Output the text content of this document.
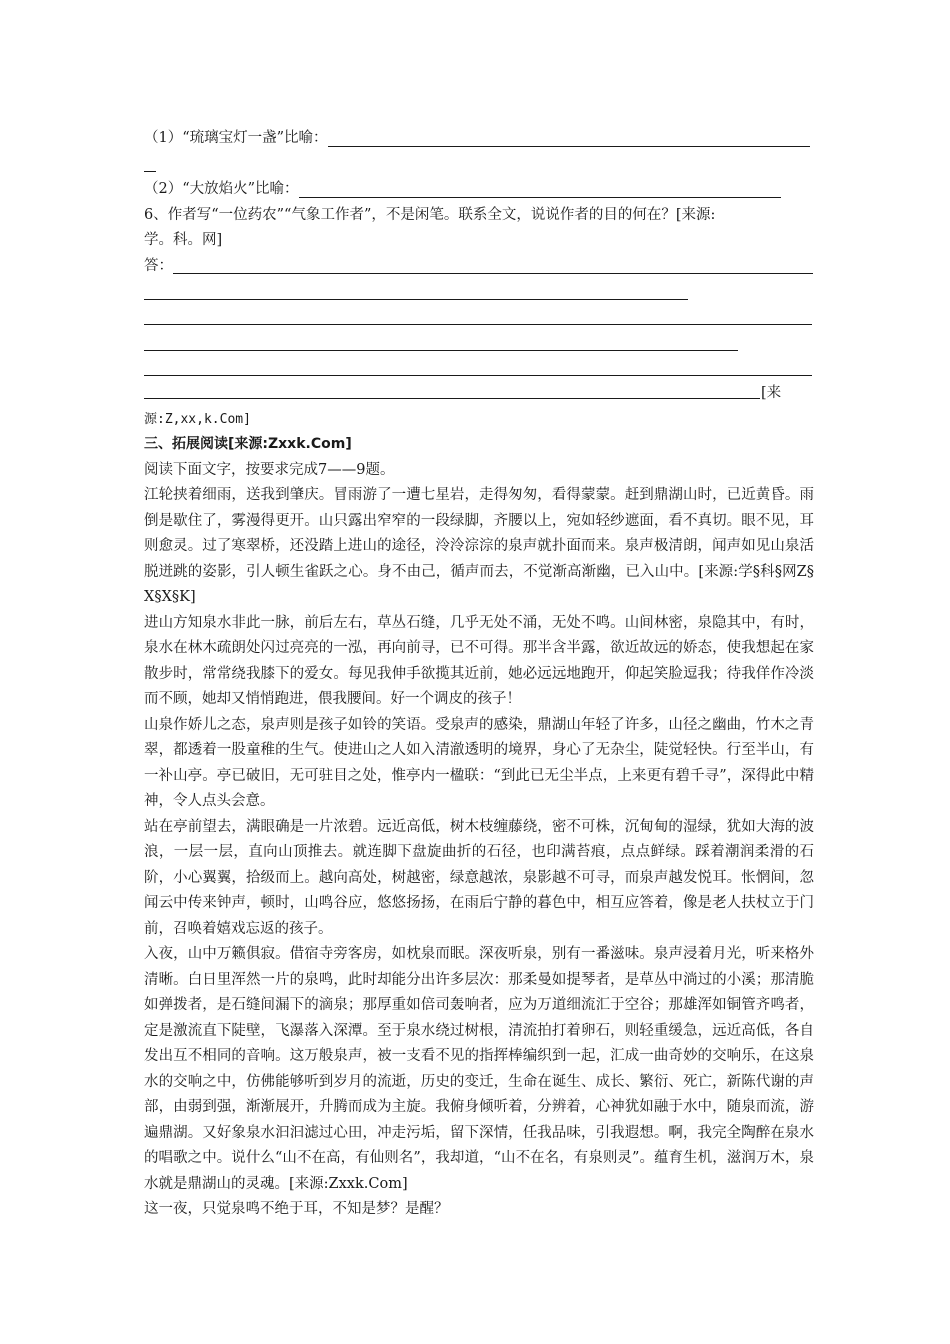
（1）“琉璃宝灯一盏”比喻：
（2）“大放焰火”比喻：
6、作者写“一位药农”“气象工作者”，不是闲笔。联系全文，说说作者的目的何在？[来源:
学。科。网]
答：
[来
源:Z,xx,k.Com]
三、拓展阅读[来源:Zxxk.Com]
阅读下面文字，按要求完成7——9题。
江轮挟着细雨，送我到肇庆。冒雨游了一遭七星岩，走得匆匆，看得蒙蒙。赶到鼎湖山时，已近黄昏。雨倒是歇住了，雾漫得更开。山只露出窄窄的一段绿脚，齐腰以上，宛如轻纱遮面，看不真切。眼不见，耳则愈灵。过了寒翠桥，还没踏上进山的途径，泠泠淙淙的泉声就扑面而来。泉声极清朗，闻声如见山泉活脱迸跳的姿影，引人顿生雀跃之心。身不由己，循声而去，不觉渐高渐幽，已入山中。[来源:学§科§网Z§X§X§K]
进山方知泉水非此一脉，前后左右，草丛石缝，几乎无处不涌，无处不鸣。山间林密，泉隐其中，有时，泉水在林木疏朗处闪过亮亮的一泓，再向前寻，已不可得。那半含半露，欲近故远的娇态，使我想起在家散步时，常常绕我膝下的爱女。每见我伸手欲揽其近前，她必远远地跑开，仰起笑脸逗我；待我佯作冷淡而不顾，她却又悄悄跑进，偎我腰间。好一个调皮的孩子！
山泉作娇儿之态，泉声则是孩子如铃的笑语。受泉声的感染，鼎湖山年轻了许多，山径之幽曲，竹木之青翠，都透着一股童稚的生气。使进山之人如入清澈透明的境界，身心了无杂尘，陡觉轻快。行至半山，有一补山亭。亭已破旧，无可驻目之处，惟亭内一楹联：“到此已无尘半点，上来更有碧千寻”，深得此中精神，令人点头会意。
站在亭前望去，满眼确是一片浓碧。远近高低，树木枝缠藤绕，密不可株，沉甸甸的湿绿，犹如大海的波浪，一层一层，直向山顶推去。就连脚下盘旋曲折的石径，也印满苔痕，点点鲜绿。踩着潮润柔滑的石阶，小心翼翼，拾级而上。越向高处，树越密，绿意越浓，泉影越不可寻，而泉声越发悦耳。怅惘间，忽闻云中传来钟声，顿时，山鸣谷应，悠悠扬扬，在雨后宁静的暮色中，相互应答着，像是老人扶杖立于门前，召唤着嬉戏忘返的孩子。
入夜，山中万籁俱寂。借宿寺旁客房，如枕泉而眠。深夜听泉，别有一番滋味。泉声浸着月光，听来格外清晰。白日里浑然一片的泉鸣，此时却能分出许多层次：那柔曼如提琴者，是草丛中淌过的小溪；那清脆如弹拨者，是石缝间漏下的滴泉；那厚重如倍司轰响者，应为万道细流汇于空谷；那雄浑如铜管齐鸣者，定是激流直下陡壁，飞瀑落入深潭。至于泉水绕过树根，清流拍打着卵石，则轻重缓急，远近高低，各自发出互不相同的音响。这万般泉声，被一支看不见的指挥棒编织到一起，汇成一曲奇妙的交响乐，在这泉水的交响之中，仿佛能够听到岁月的流逝，历史的变迁，生命在诞生、成长、繁衍、死亡，新陈代谢的声部，由弱到强，渐渐展开，升腾而成为主旋。我俯身倾听着，分辨着，心神犹如融于水中，随泉而流，游遍鼎湖。又好象泉水汩汩滤过心田，冲走污垢，留下深情，任我品味，引我遐想。啊，我完全陶醉在泉水的唱歌之中。说什么“山不在高，有仙则名”，我却道，“山不在名，有泉则灵”。蕴育生机，滋润万木，泉水就是鼎湖山的灵魂。[来源:Zxxk.Com]
这一夜，只觉泉鸣不绝于耳，不知是梦？是醒？
